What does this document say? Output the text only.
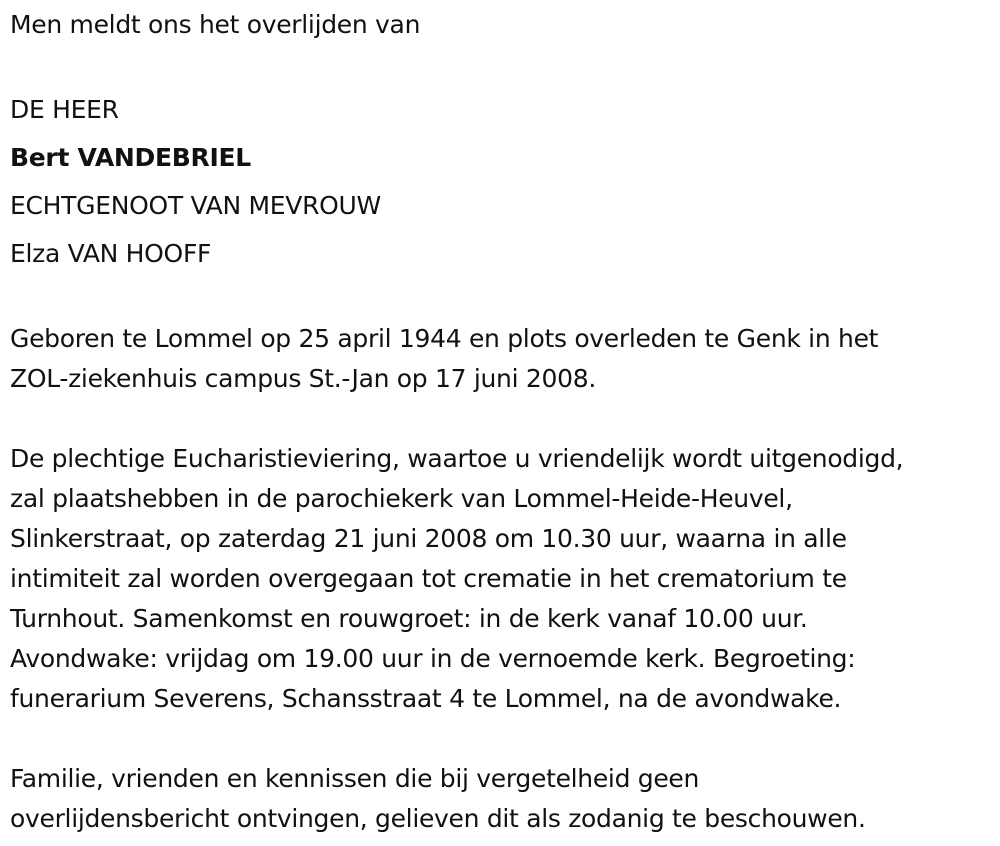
Men meldt ons het overlijden van
DE HEER
Bert VANDEBRIEL
ECHTGENOOT VAN MEVROUW
Elza VAN HOOFF
Geboren te Lommel op 25 april 1944 en plots overleden te Genk in het
ZOL-ziekenhuis campus St.-Jan op 17 juni 2008.
De plechtige Eucharistieviering, waartoe u vriendelijk wordt uitgenodigd,
zal plaatshebben in de parochiekerk van Lommel-Heide-Heuvel,
Slinkerstraat, op zaterdag 21 juni 2008 om 10.30 uur, waarna in alle
intimiteit zal worden overgegaan tot crematie in het crematorium te
Turnhout. Samenkomst en rouwgroet: in de kerk vanaf 10.00 uur.
Avondwake: vrijdag om 19.00 uur in de vernoemde kerk. Begroeting:
funerarium Severens, Schansstraat 4 te Lommel, na de avondwake.
Familie, vrienden en kennissen die bij vergetelheid geen
overlijdensbericht ontvingen, gelieven dit als zodanig te beschouwen.
